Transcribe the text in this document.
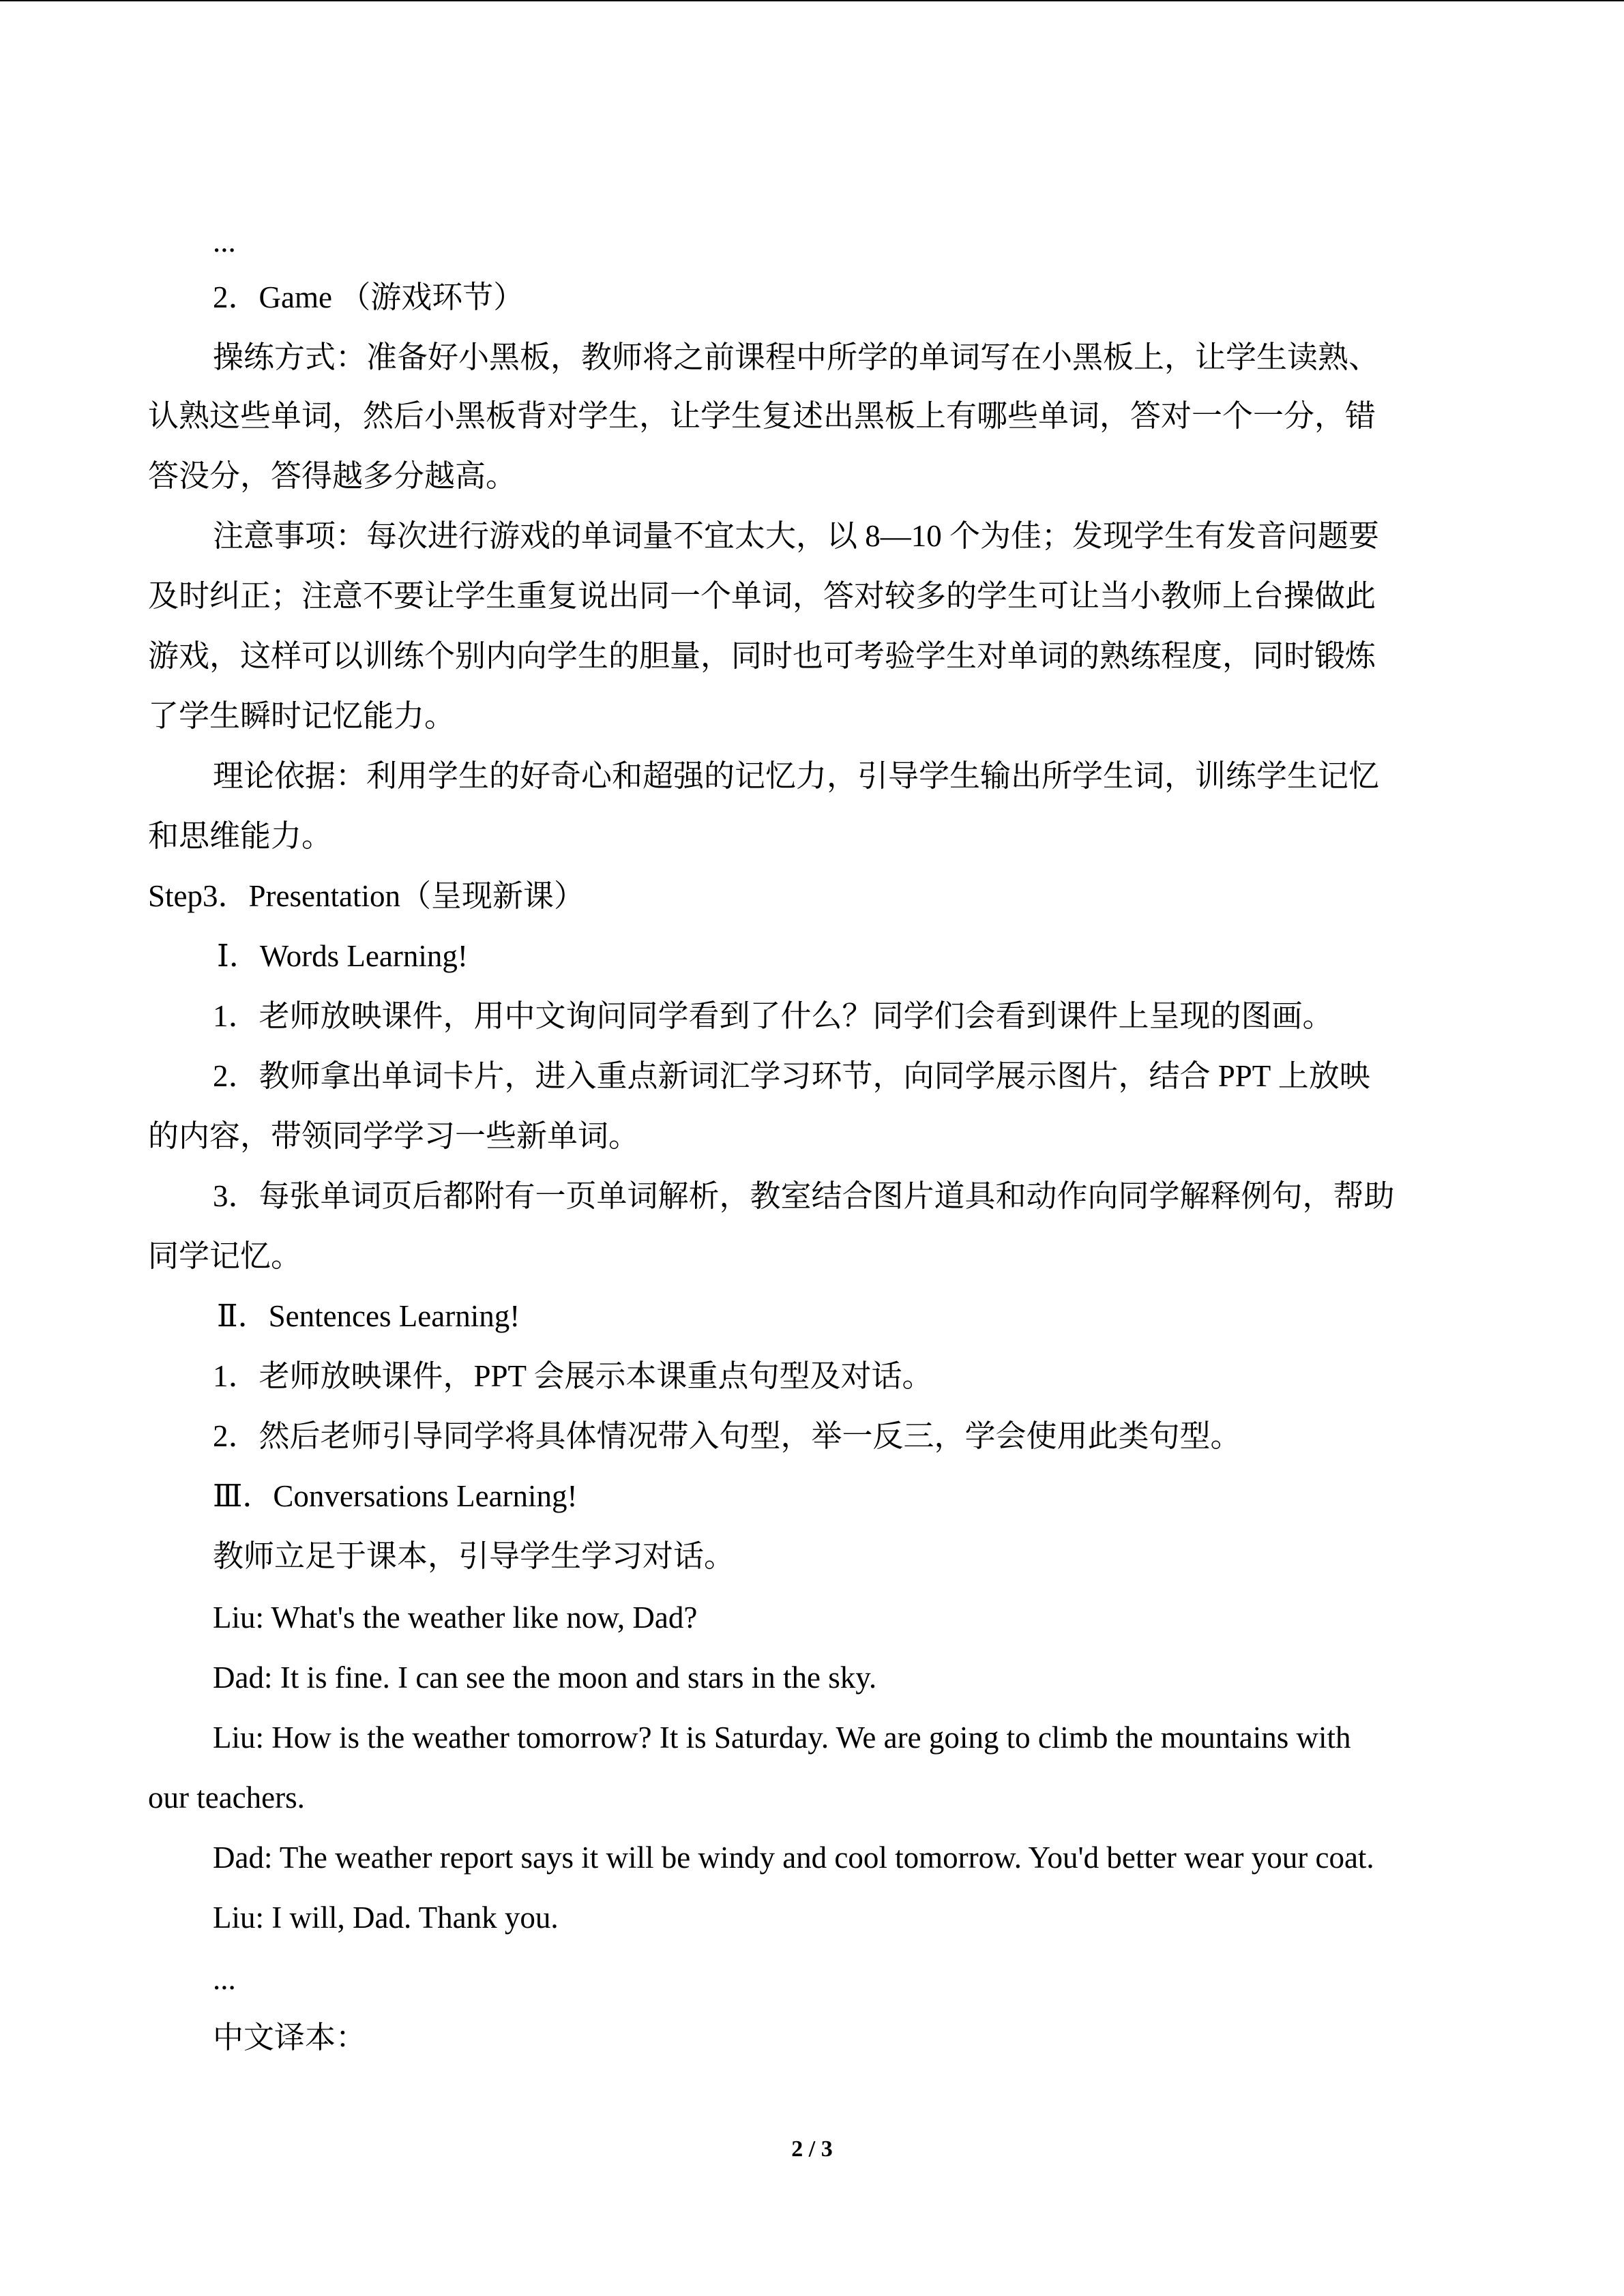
...

2．Game （游戏环节）

操练方式：准备好小黑板，教师将之前课程中所学的单词写在小黑板上，让学生读熟、

认熟这些单词，然后小黑板背对学生，让学生复述出黑板上有哪些单词，答对一个一分，错

答没分，答得越多分越高。

注意事项：每次进行游戏的单词量不宜太大，以 8—10 个为佳；发现学生有发音问题要

及时纠正；注意不要让学生重复说出同一个单词，答对较多的学生可让当小教师上台操做此

游戏，这样可以训练个别内向学生的胆量，同时也可考验学生对单词的熟练程度，同时锻炼

了学生瞬时记忆能力。

理论依据：利用学生的好奇心和超强的记忆力，引导学生输出所学生词，训练学生记忆

和思维能力。

Step3．Presentation（呈现新课）

Ⅰ．Words Learning!

1．老师放映课件，用中文询问同学看到了什么？同学们会看到课件上呈现的图画。

2．教师拿出单词卡片，进入重点新词汇学习环节，向同学展示图片，结合 PPT 上放映

的内容，带领同学学习一些新单词。

3．每张单词页后都附有一页单词解析，教室结合图片道具和动作向同学解释例句，帮助

同学记忆。

Ⅱ．Sentences Learning!

1．老师放映课件，PPT 会展示本课重点句型及对话。

2．然后老师引导同学将具体情况带入句型，举一反三，学会使用此类句型。

Ⅲ．Conversations Learning!

教师立足于课本，引导学生学习对话。

Liu: What's the weather like now, Dad?

Dad: It is fine. I can see the moon and stars in the sky.

Liu: How is the weather tomorrow? It is Saturday. We are going to climb the mountains with

our teachers.

Dad: The weather report says it will be windy and cool tomorrow. You'd better wear your coat.

Liu: I will, Dad. Thank you.

...

中文译本：

2 / 3
